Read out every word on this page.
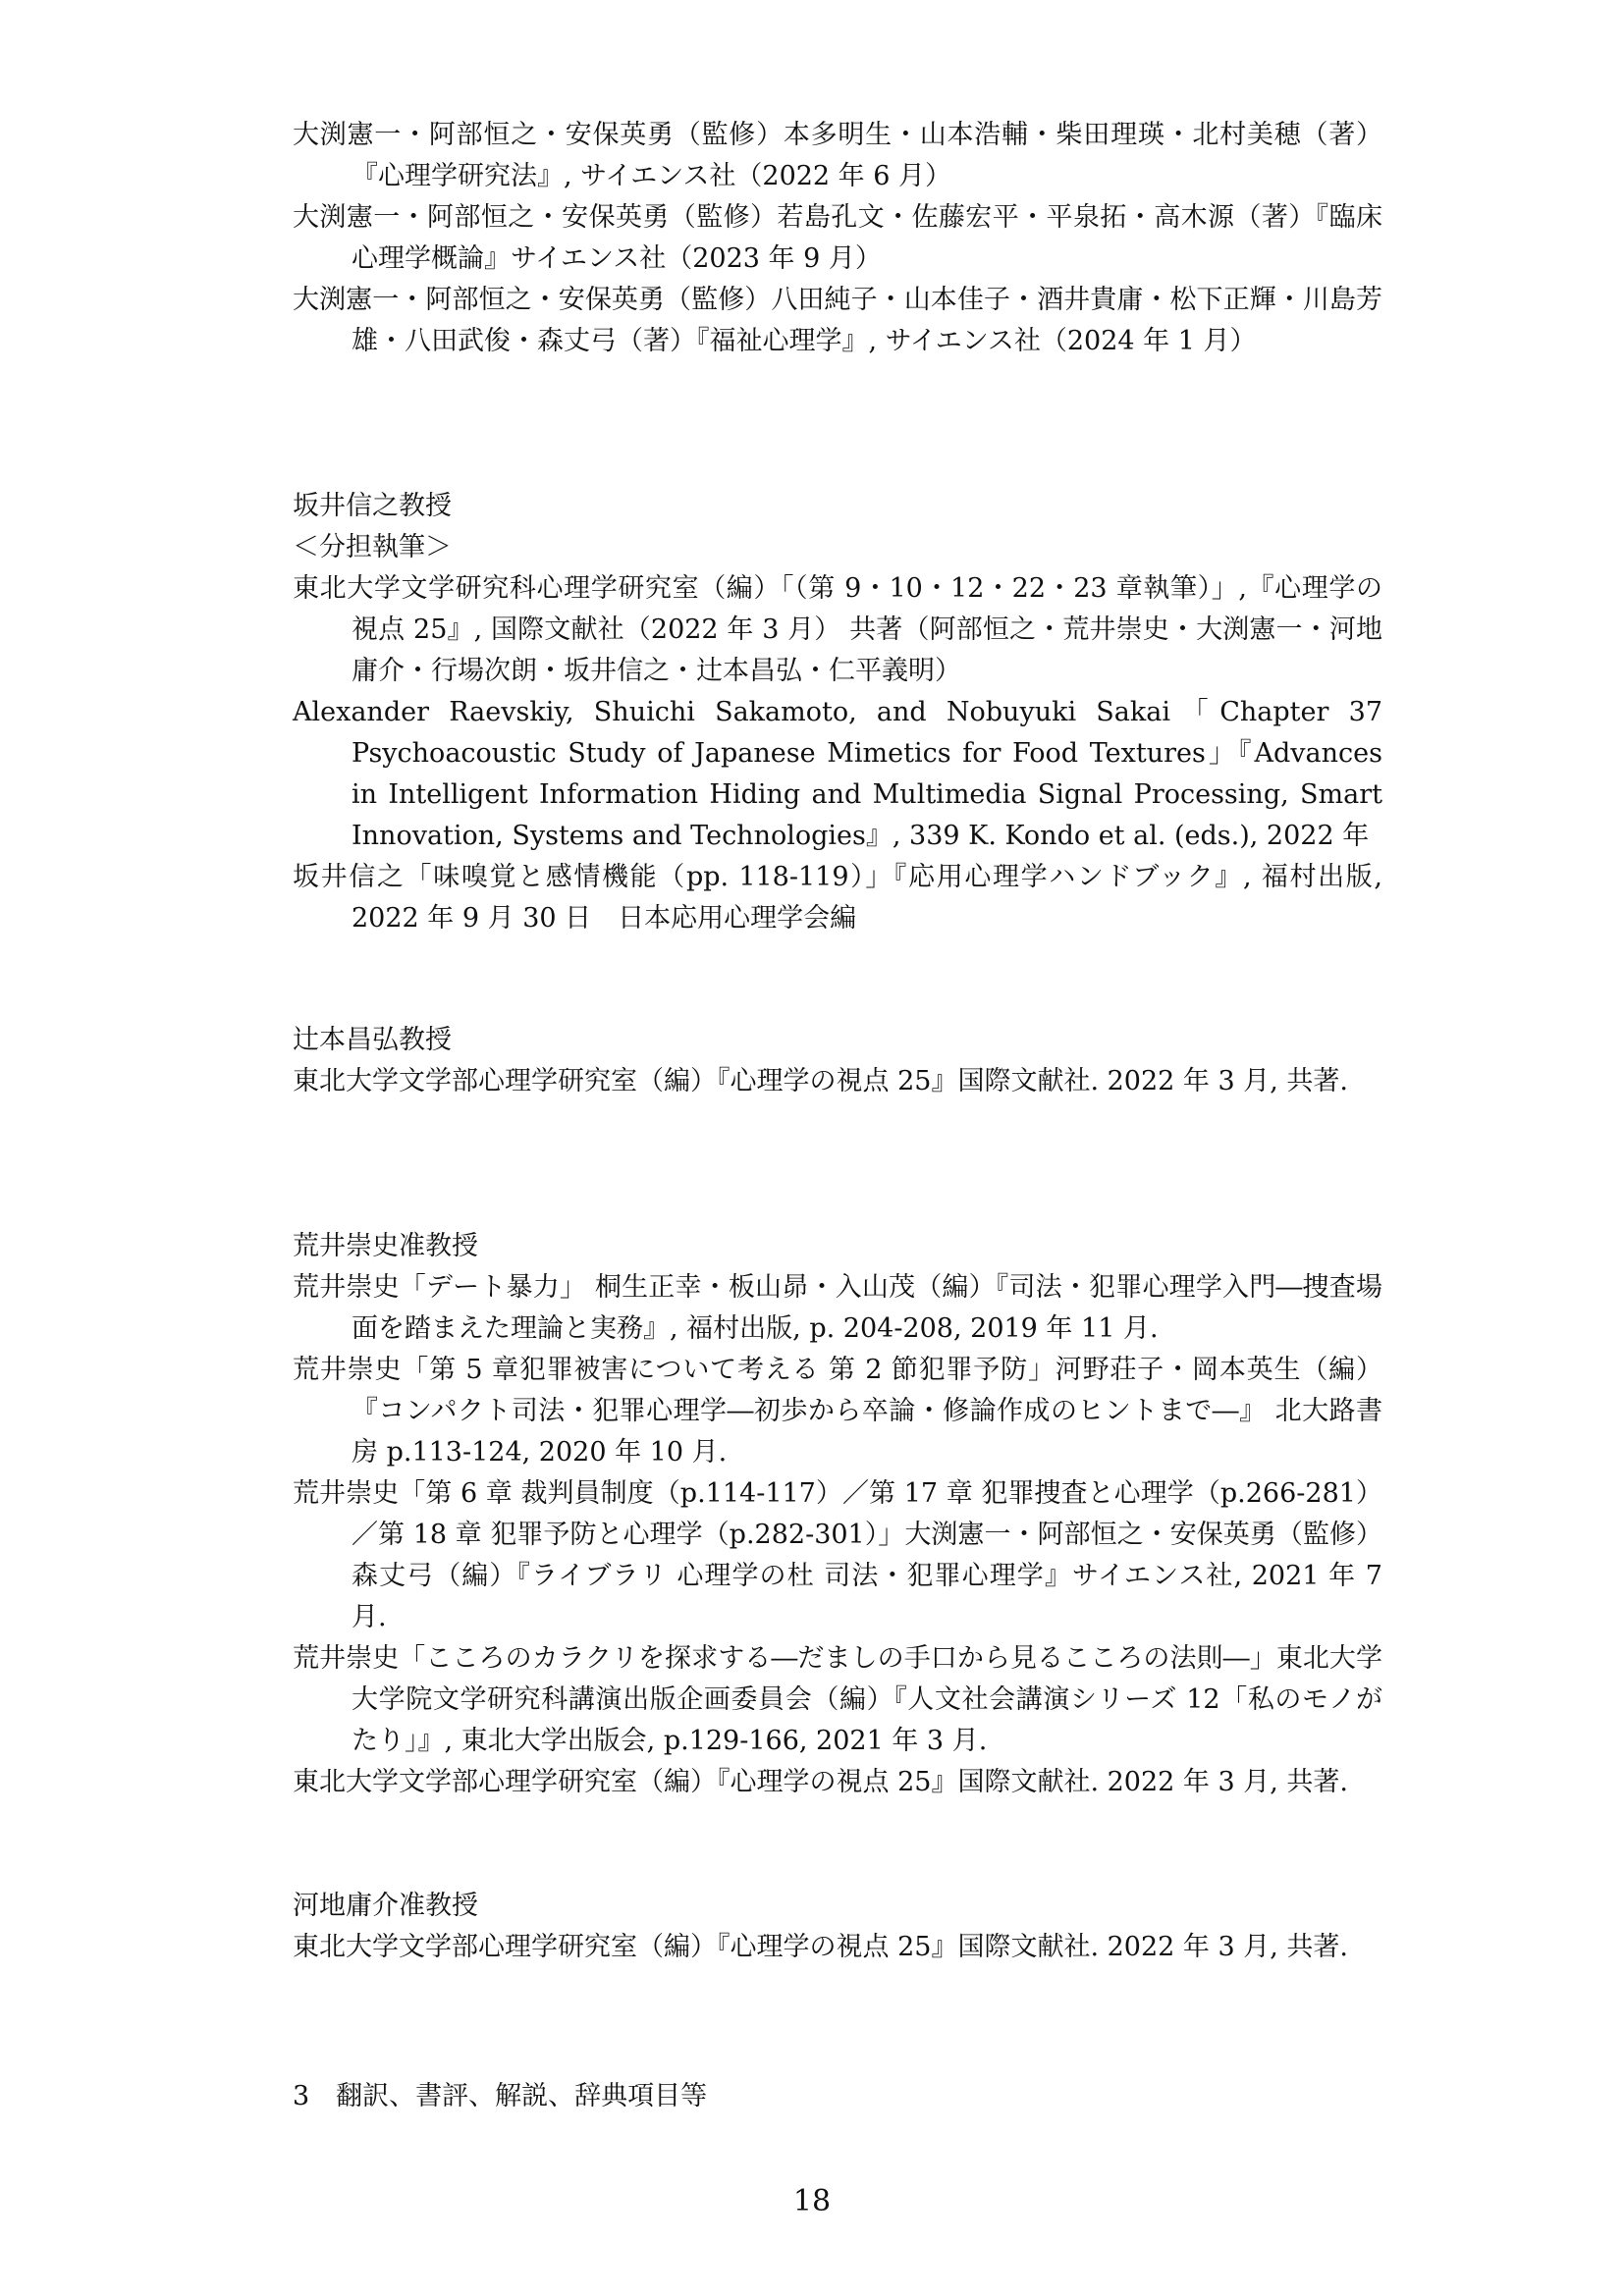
大渕憲一・阿部恒之・安保英勇（監修）本多明生・山本浩輔・柴田理瑛・北村美穂（著）『心理学研究法』, サイエンス社（2022 年 6 月）

大渕憲一・阿部恒之・安保英勇（監修）若島孔文・佐藤宏平・平泉拓・高木源（著）『臨床心理学概論』サイエンス社（2023 年 9 月）

大渕憲一・阿部恒之・安保英勇（監修）八田純子・山本佳子・酒井貴庸・松下正輝・川島芳雄・八田武俊・森丈弓（著）『福祉心理学』, サイエンス社（2024 年 1 月）

坂井信之教授

＜分担執筆＞

東北大学文学研究科心理学研究室（編）「（第 9・10・12・22・23 章執筆）」,『心理学の視点 25』, 国際文献社（2022 年 3 月） 共著（阿部恒之・荒井崇史・大渕憲一・河地庸介・行場次朗・坂井信之・辻本昌弘・仁平義明）

Alexander Raevskiy, Shuichi Sakamoto, and Nobuyuki Sakai「Chapter 37 Psychoacoustic Study of Japanese Mimetics for Food Textures」『Advances in Intelligent Information Hiding and Multimedia Signal Processing, Smart Innovation, Systems and Technologies』, 339 K. Kondo et al. (eds.), 2022 年

坂井信之「味嗅覚と感情機能（pp. 118-119）」『応用心理学ハンドブック』, 福村出版, 2022 年 9 月 30 日　日本応用心理学会編

辻本昌弘教授

東北大学文学部心理学研究室（編）『心理学の視点 25』国際文献社. 2022 年 3 月, 共著.

荒井崇史准教授

荒井崇史「デート暴力」 桐生正幸・板山昴・入山茂（編）『司法・犯罪心理学入門―捜査場面を踏まえた理論と実務』, 福村出版, p. 204-208, 2019 年 11 月.

荒井崇史「第 5 章犯罪被害について考える 第 2 節犯罪予防」河野荘子・岡本英生（編）『コンパクト司法・犯罪心理学―初歩から卒論・修論作成のヒントまで―』 北大路書房 p.113-124, 2020 年 10 月.

荒井崇史「第 6 章 裁判員制度（p.114-117）／第 17 章 犯罪捜査と心理学（p.266-281）／第 18 章 犯罪予防と心理学（p.282-301）」大渕憲一・阿部恒之・安保英勇（監修）森丈弓（編）『ライブラリ 心理学の杜 司法・犯罪心理学』サイエンス社, 2021 年 7 月.

荒井崇史「こころのカラクリを探求する―だましの手口から見るこころの法則―」東北大学大学院文学研究科講演出版企画委員会（編）『人文社会講演シリーズ 12「私のモノがたり」』, 東北大学出版会, p.129-166, 2021 年 3 月.

東北大学文学部心理学研究室（編）『心理学の視点 25』国際文献社. 2022 年 3 月, 共著.

河地庸介准教授

東北大学文学部心理学研究室（編）『心理学の視点 25』国際文献社. 2022 年 3 月, 共著.

3　翻訳、書評、解説、辞典項目等

18
